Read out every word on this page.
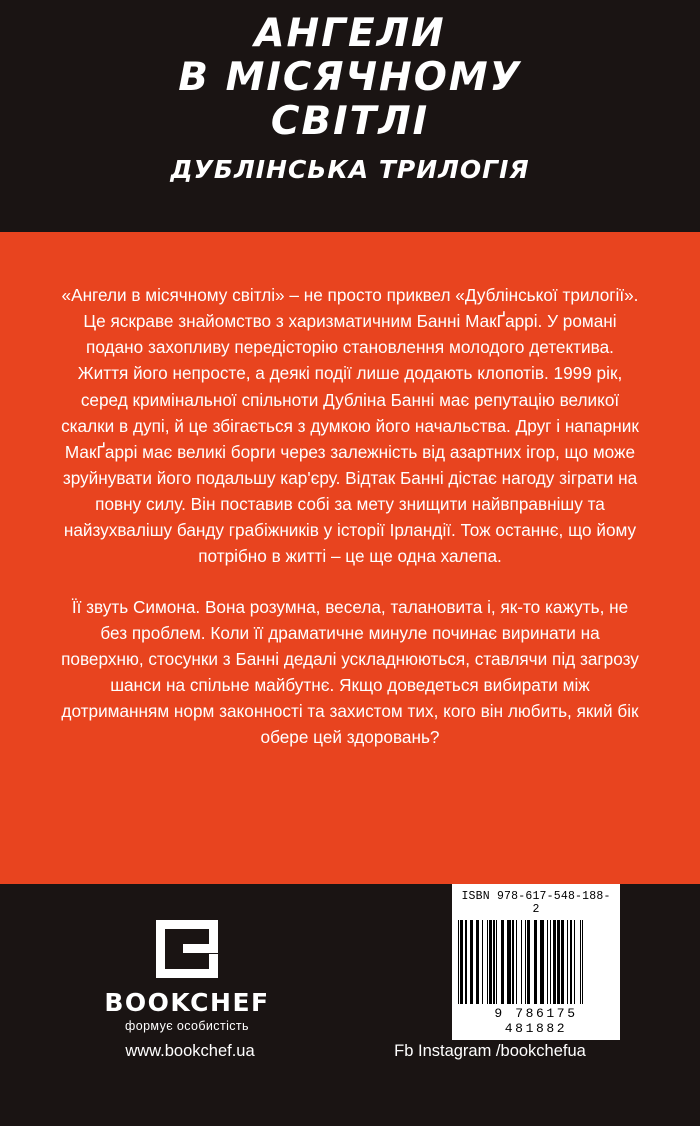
АНГЕЛИ
В МІСЯЧНОМУ
СВІТЛІ
ДУБЛІНСЬКА ТРИЛОГІЯ

«Ангели в місячному світлі» – не просто приквел «Дублінської трилогії». Це яскраве знайомство з харизматичним Банні МакҐаррі. У романі подано захопливу передісторію становлення молодого детектива. Життя його непросте, а деякі події лише додають клопотів. 1999 рік, серед кримінальної спільноти Дубліна Банні має репутацію великої скалки в дупі, й це збігається з думкою його начальства. Друг і напарник МакҐаррі має великі борги через залежність від азартних ігор, що може зруйнувати його подальшу кар'єру. Відтак Банні дістає нагоду зіграти на повну силу. Він поставив собі за мету знищити найвправнішу та найзухвалішу банду грабіжників у історії Ірландії. Тож останнє, що йому потрібно в житті – це ще одна халепа.

Її звуть Симона. Вона розумна, весела, талановита і, як-то кажуть, не без проблем. Коли її драматичне минуле починає виринати на поверхню, стосунки з Банні дедалі ускладнюються, ставлячи під загрозу шанси на спільне майбутнє. Якщо доведеться вибирати між дотриманням норм законності та захистом тих, кого він любить, який бік обере цей здоровань?

BOOKCHEF
формує особистість
www.bookchef.ua	Fb Instagram /bookchefua
ISBN 978-617-548-188-2
9 786175 481882
